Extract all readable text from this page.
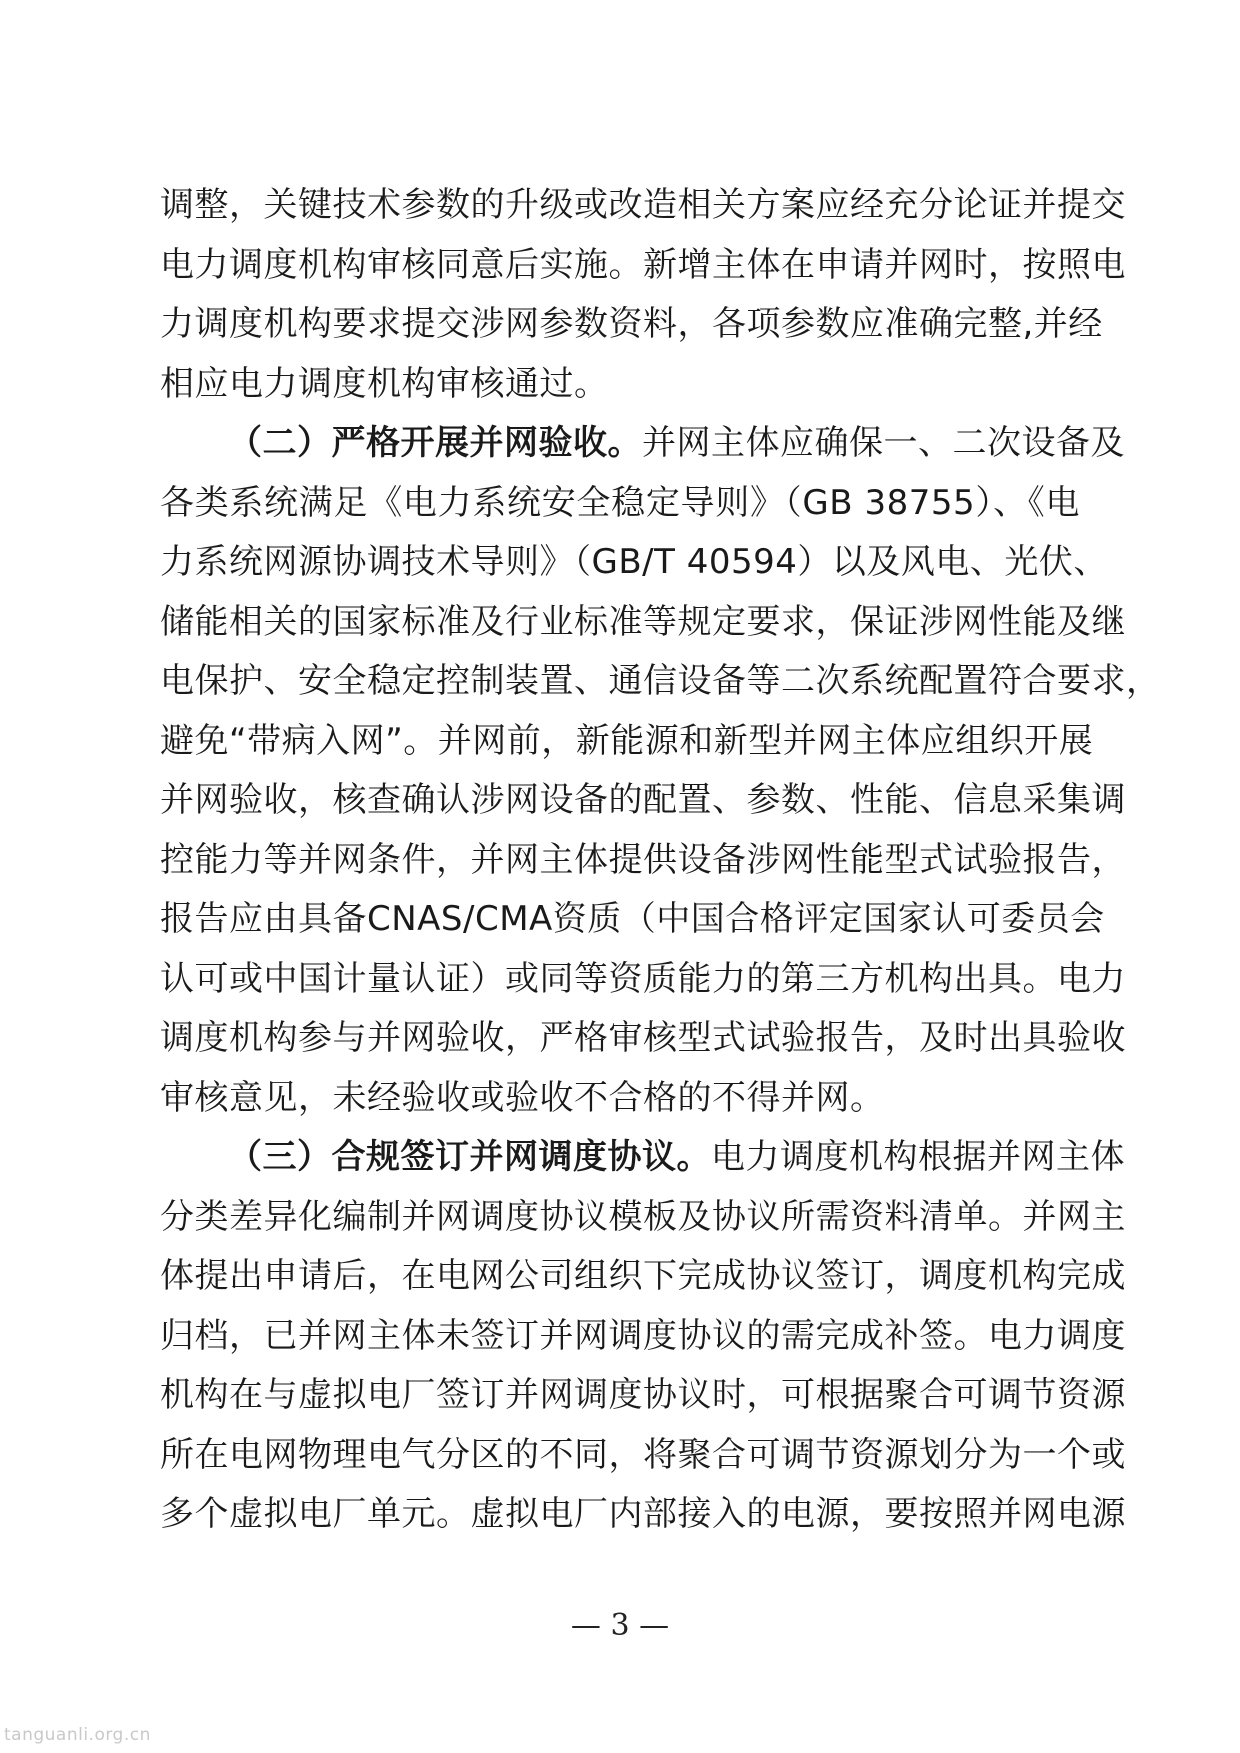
调整，关键技术参数的升级或改造相关方案应经充分论证并提交
电力调度机构审核同意后实施。新增主体在申请并网时，按照电
力调度机构要求提交涉网参数资料，各项参数应准确完整,并经
相应电力调度机构审核通过。
（二）严格开展并网验收。并网主体应确保一、二次设备及
各类系统满足《电力系统安全稳定导则》（GB 38755）、《电
力系统网源协调技术导则》（GB/T 40594）以及风电、光伏、
储能相关的国家标准及行业标准等规定要求，保证涉网性能及继
电保护、安全稳定控制装置、通信设备等二次系统配置符合要求，
避免“带病入网”。并网前，新能源和新型并网主体应组织开展
并网验收，核查确认涉网设备的配置、参数、性能、信息采集调
控能力等并网条件，并网主体提供设备涉网性能型式试验报告，
报告应由具备CNAS/CMA资质（中国合格评定国家认可委员会
认可或中国计量认证）或同等资质能力的第三方机构出具。电力
调度机构参与并网验收，严格审核型式试验报告，及时出具验收
审核意见，未经验收或验收不合格的不得并网。
（三）合规签订并网调度协议。电力调度机构根据并网主体
分类差异化编制并网调度协议模板及协议所需资料清单。并网主
体提出申请后，在电网公司组织下完成协议签订，调度机构完成
归档，已并网主体未签订并网调度协议的需完成补签。电力调度
机构在与虚拟电厂签订并网调度协议时，可根据聚合可调节资源
所在电网物理电气分区的不同，将聚合可调节资源划分为一个或
多个虚拟电厂单元。虚拟电厂内部接入的电源，要按照并网电源
— 3 —
tanguanli.org.cn
